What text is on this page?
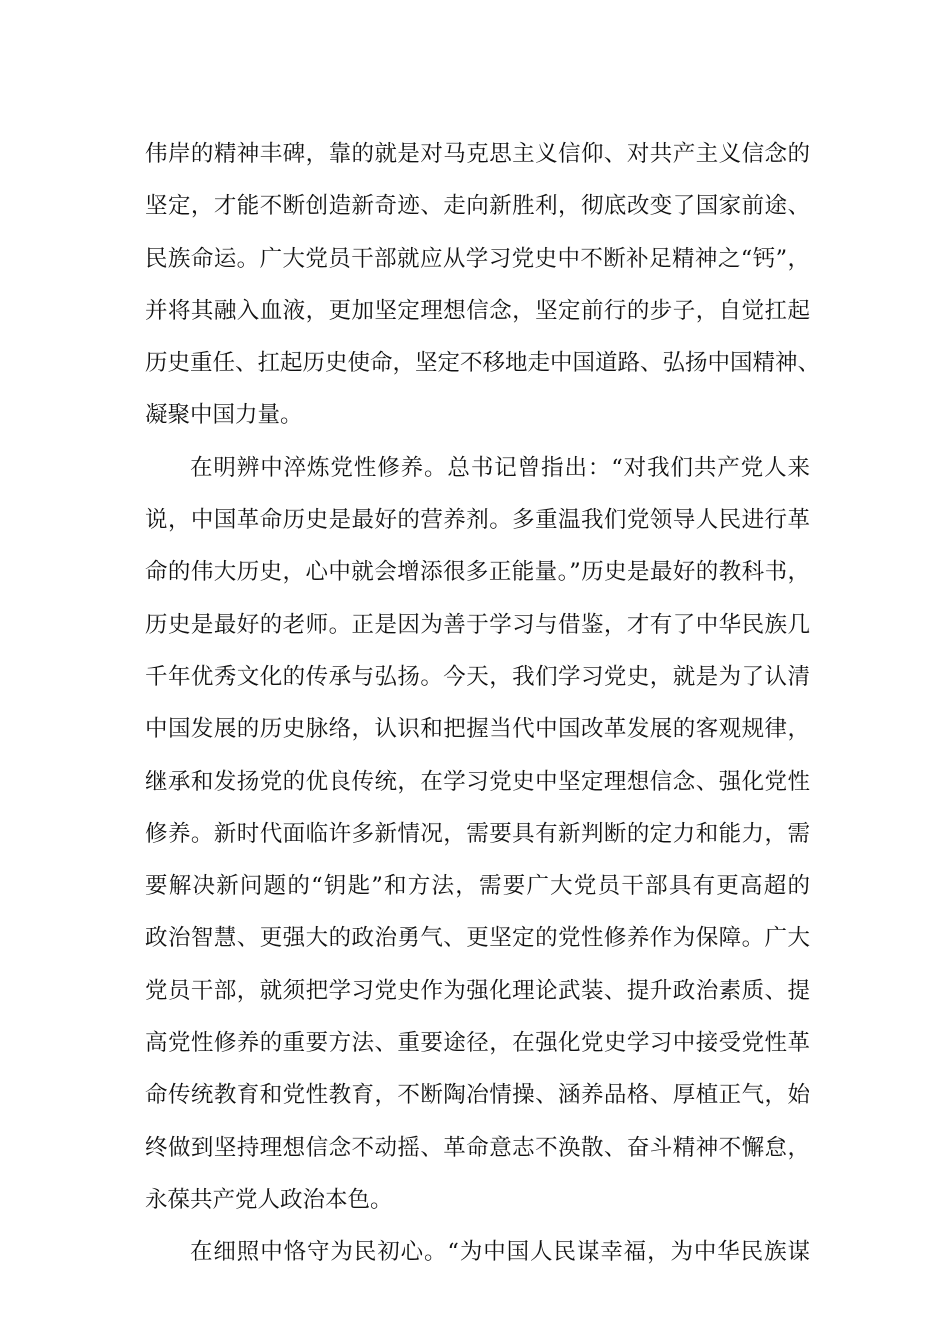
伟岸的精神丰碑，靠的就是对马克思主义信仰、对共产主义信念的
坚定，才能不断创造新奇迹、走向新胜利，彻底改变了国家前途、
民族命运。广大党员干部就应从学习党史中不断补足精神之“钙”，
并将其融入血液，更加坚定理想信念，坚定前行的步子，自觉扛起
历史重任、扛起历史使命，坚定不移地走中国道路、弘扬中国精神、
凝聚中国力量。
在明辨中淬炼党性修养。总书记曾指出：“对我们共产党人来
说，中国革命历史是最好的营养剂。多重温我们党领导人民进行革
命的伟大历史，心中就会增添很多正能量。”历史是最好的教科书，
历史是最好的老师。正是因为善于学习与借鉴，才有了中华民族几
千年优秀文化的传承与弘扬。今天，我们学习党史，就是为了认清
中国发展的历史脉络，认识和把握当代中国改革发展的客观规律，
继承和发扬党的优良传统，在学习党史中坚定理想信念、强化党性
修养。新时代面临许多新情况，需要具有新判断的定力和能力，需
要解决新问题的“钥匙”和方法，需要广大党员干部具有更高超的
政治智慧、更强大的政治勇气、更坚定的党性修养作为保障。广大
党员干部，就须把学习党史作为强化理论武装、提升政治素质、提
高党性修养的重要方法、重要途径，在强化党史学习中接受党性革
命传统教育和党性教育，不断陶冶情操、涵养品格、厚植正气，始
终做到坚持理想信念不动摇、革命意志不涣散、奋斗精神不懈怠，
永葆共产党人政治本色。
在细照中恪守为民初心。“为中国人民谋幸福，为中华民族谋
